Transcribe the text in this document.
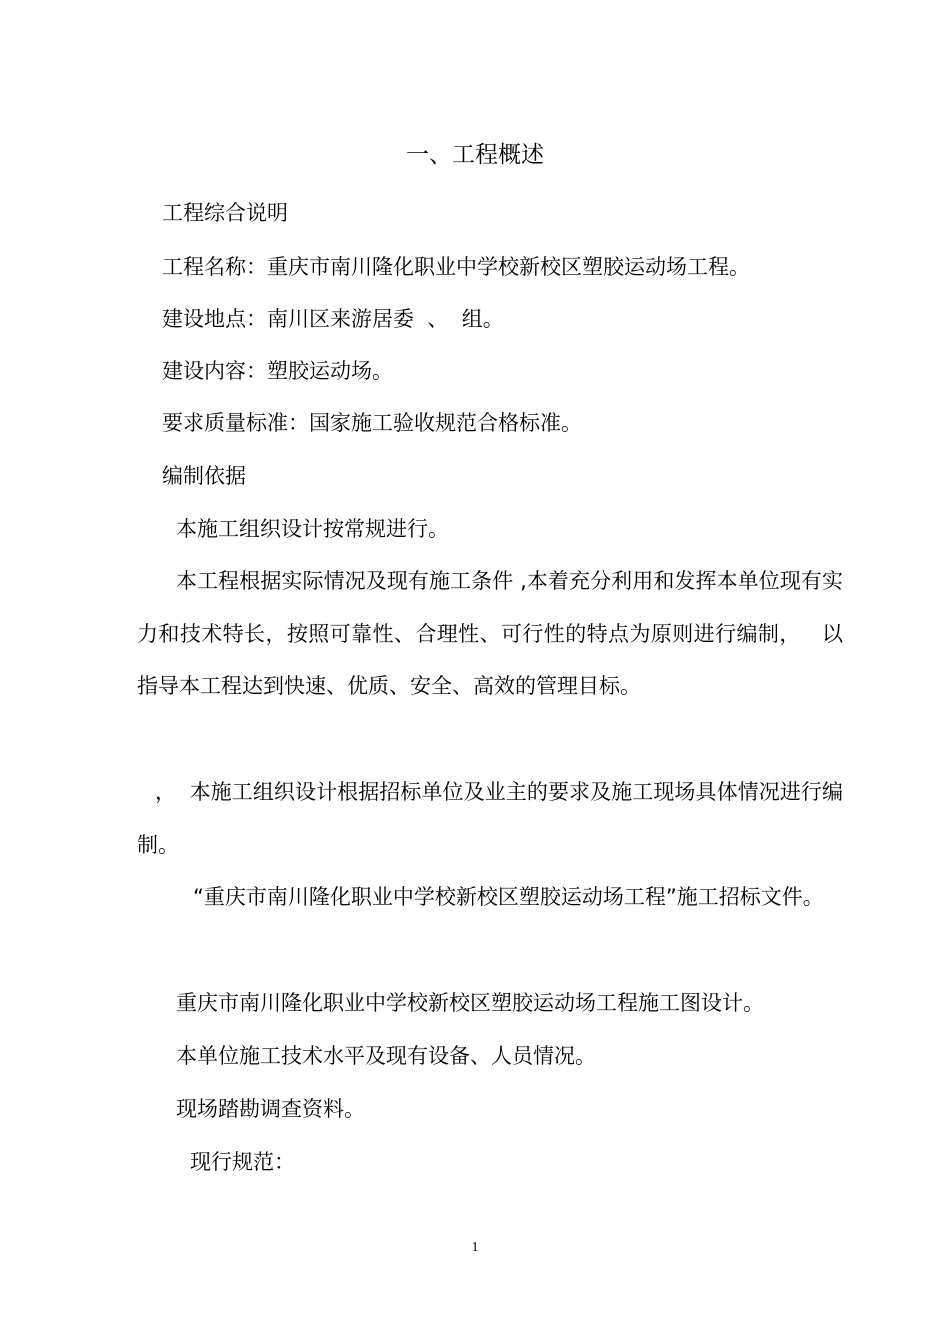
一、工程概述
工程综合说明
工程名称：重庆市南川隆化职业中学校新校区塑胶运动场工程。
建设地点：南川区来游居委  、  组。
建设内容：塑胶运动场。
要求质量标准：国家施工验收规范合格标准。
编制依据
本施工组织设计按常规进行。
本工程根据实际情况及现有施工条件 ,本着充分利用和发挥本单位现有实力和技术特长，按照可靠性、合理性、可行性的特点为原则进行编制，   以指导本工程达到快速、优质、安全、高效的管理目标。
，  本施工组织设计根据招标单位及业主的要求及施工现场具体情况进行编制。
“重庆市南川隆化职业中学校新校区塑胶运动场工程”施工招标文件。
重庆市南川隆化职业中学校新校区塑胶运动场工程施工图设计。
本单位施工技术水平及现有设备、人员情况。
现场踏勘调查资料。
现行规范：
1
